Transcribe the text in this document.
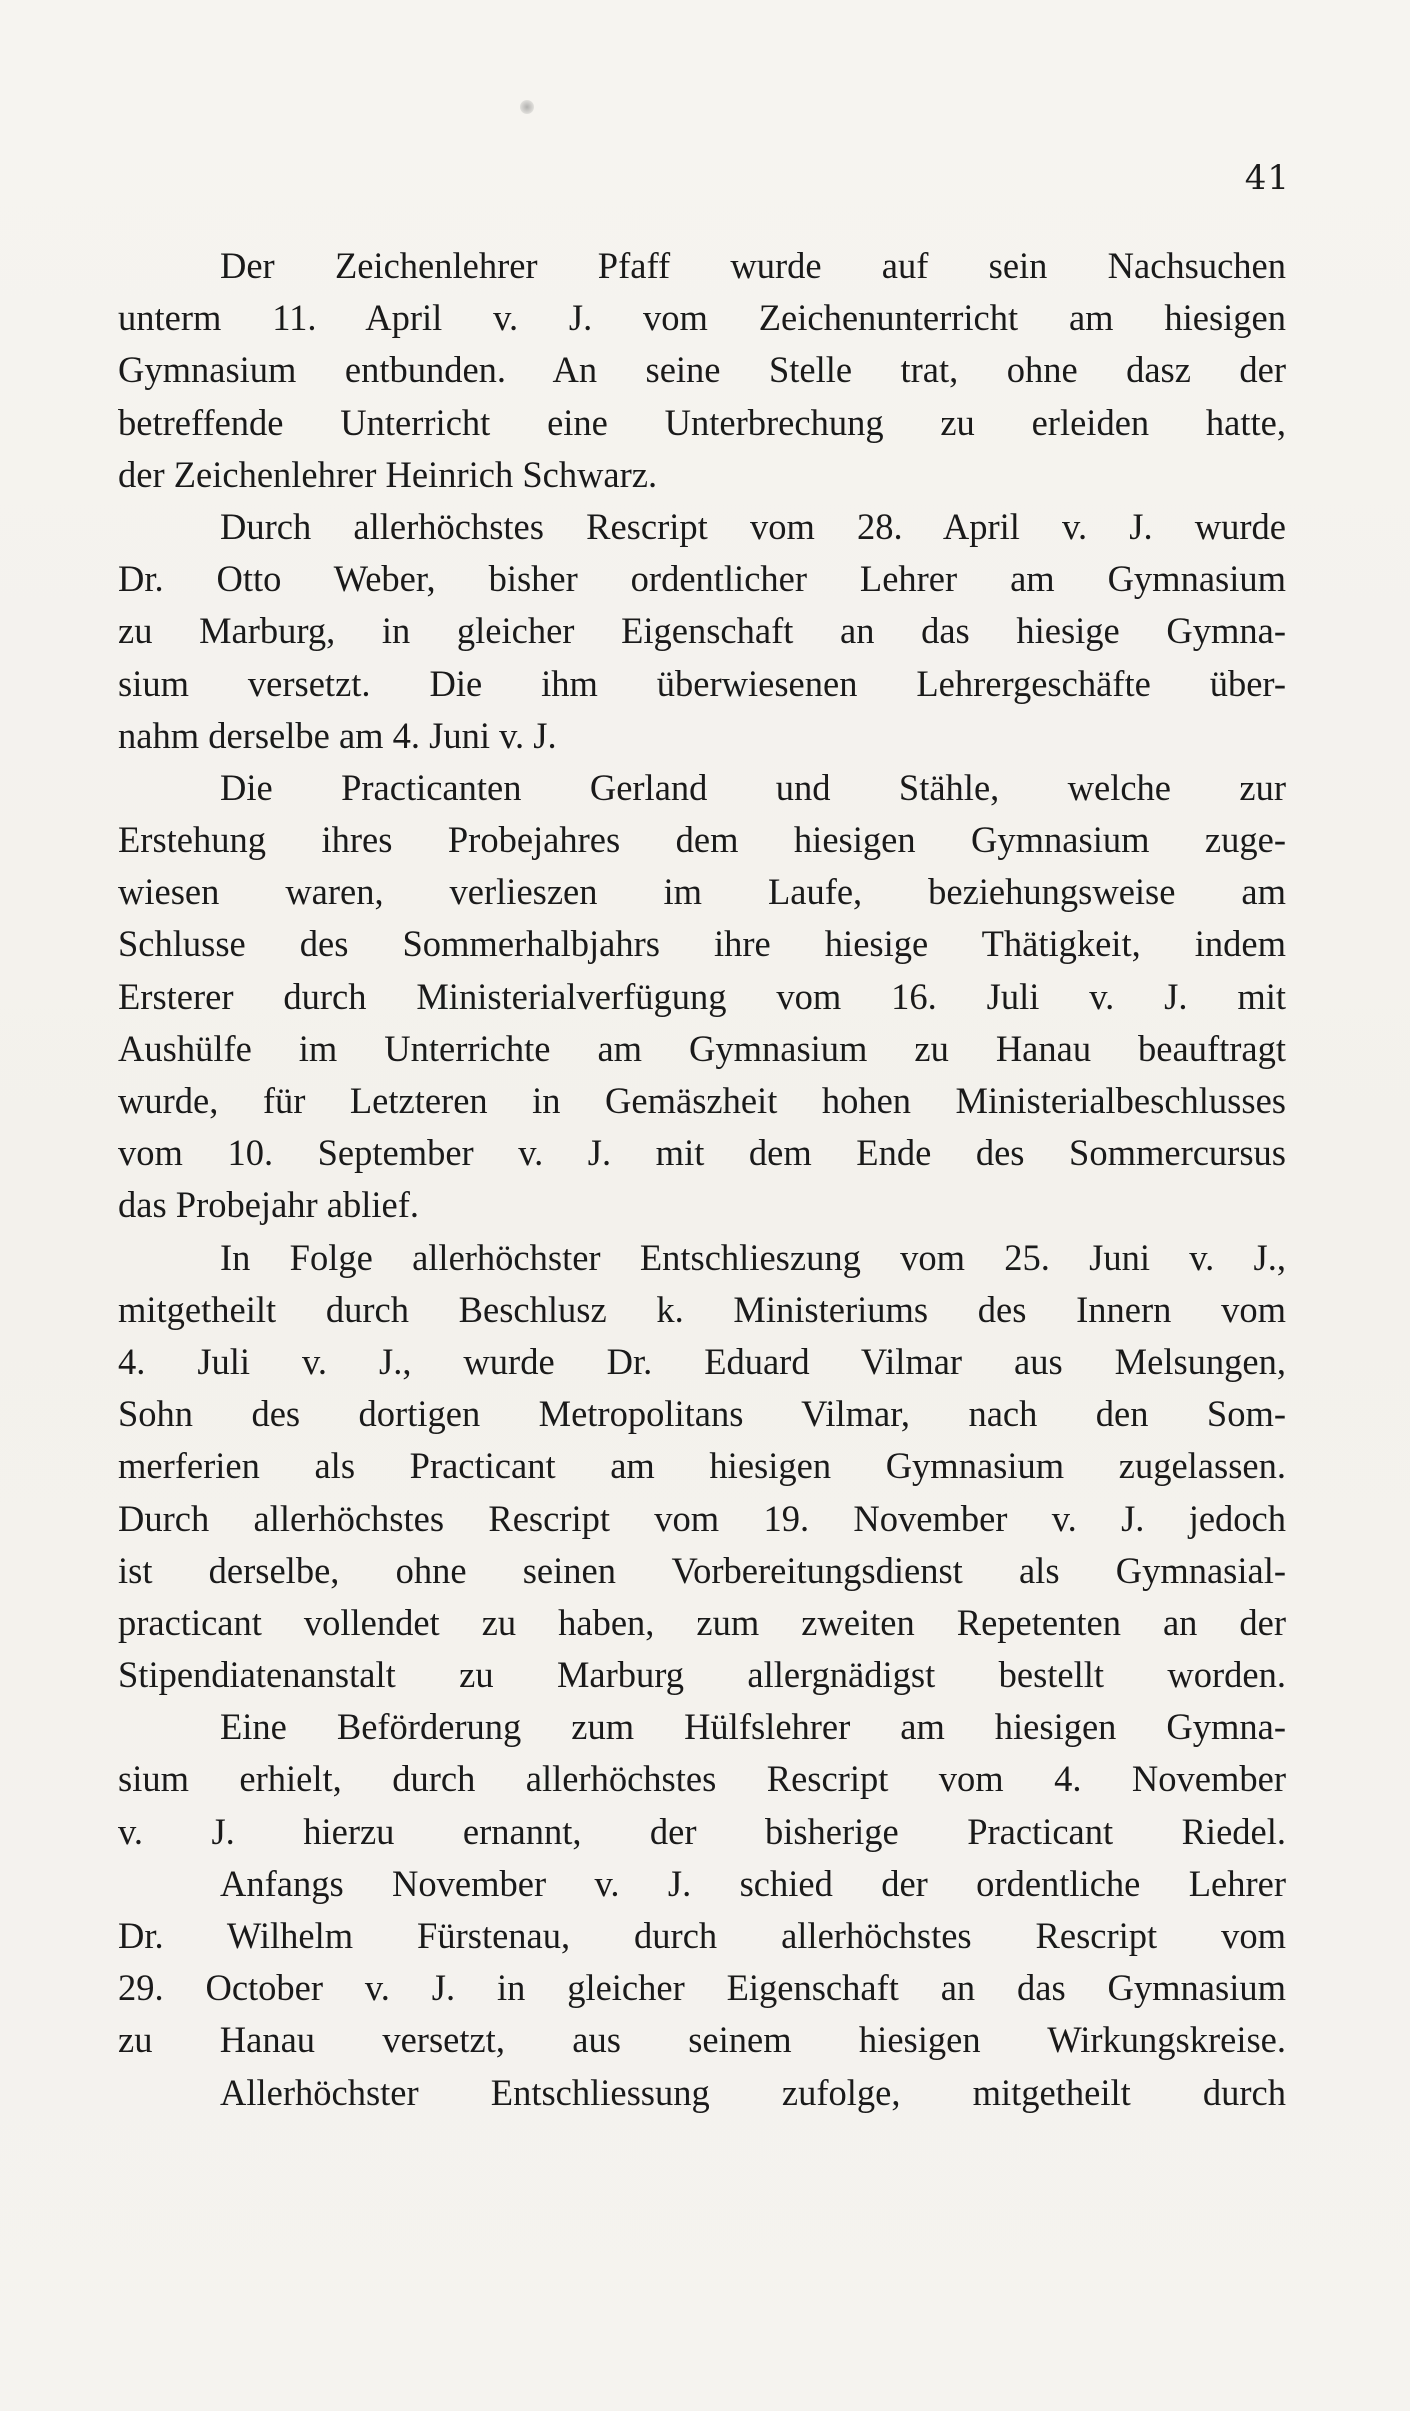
41
Der Zeichenlehrer Pfaff wurde auf sein Nachsuchen
unterm 11. April v. J. vom Zeichenunterricht am hiesigen
Gymnasium entbunden. An seine Stelle trat, ohne dasz der
betreffende Unterricht eine Unterbrechung zu erleiden hatte,
der Zeichenlehrer Heinrich Schwarz.
Durch allerhöchstes Rescript vom 28. April v. J. wurde
Dr. Otto Weber, bisher ordentlicher Lehrer am Gymnasium
zu Marburg, in gleicher Eigenschaft an das hiesige Gymna-
sium versetzt. Die ihm überwiesenen Lehrergeschäfte über-
nahm derselbe am 4. Juni v. J.
Die Practicanten Gerland und Stähle, welche zur
Erstehung ihres Probejahres dem hiesigen Gymnasium zuge-
wiesen waren, verlieszen im Laufe, beziehungsweise am
Schlusse des Sommerhalbjahrs ihre hiesige Thätigkeit, indem
Ersterer durch Ministerialverfügung vom 16. Juli v. J. mit
Aushülfe im Unterrichte am Gymnasium zu Hanau beauftragt
wurde, für Letzteren in Gemäszheit hohen Ministerialbeschlusses
vom 10. September v. J. mit dem Ende des Sommercursus
das Probejahr ablief.
In Folge allerhöchster Entschlieszung vom 25. Juni v. J.,
mitgetheilt durch Beschlusz k. Ministeriums des Innern vom
4. Juli v. J., wurde Dr. Eduard Vilmar aus Melsungen,
Sohn des dortigen Metropolitans Vilmar, nach den Som-
merferien als Practicant am hiesigen Gymnasium zugelassen.
Durch allerhöchstes Rescript vom 19. November v. J. jedoch
ist derselbe, ohne seinen Vorbereitungsdienst als Gymnasial-
practicant vollendet zu haben, zum zweiten Repetenten an der
Stipendiatenanstalt zu Marburg allergnädigst bestellt worden.
Eine Beförderung zum Hülfslehrer am hiesigen Gymna-
sium erhielt, durch allerhöchstes Rescript vom 4. November
v. J. hierzu ernannt, der bisherige Practicant Riedel.
Anfangs November v. J. schied der ordentliche Lehrer
Dr. Wilhelm Fürstenau, durch allerhöchstes Rescript vom
29. October v. J. in gleicher Eigenschaft an das Gymnasium
zu Hanau versetzt, aus seinem hiesigen Wirkungskreise.
Allerhöchster Entschliessung zufolge, mitgetheilt durch
